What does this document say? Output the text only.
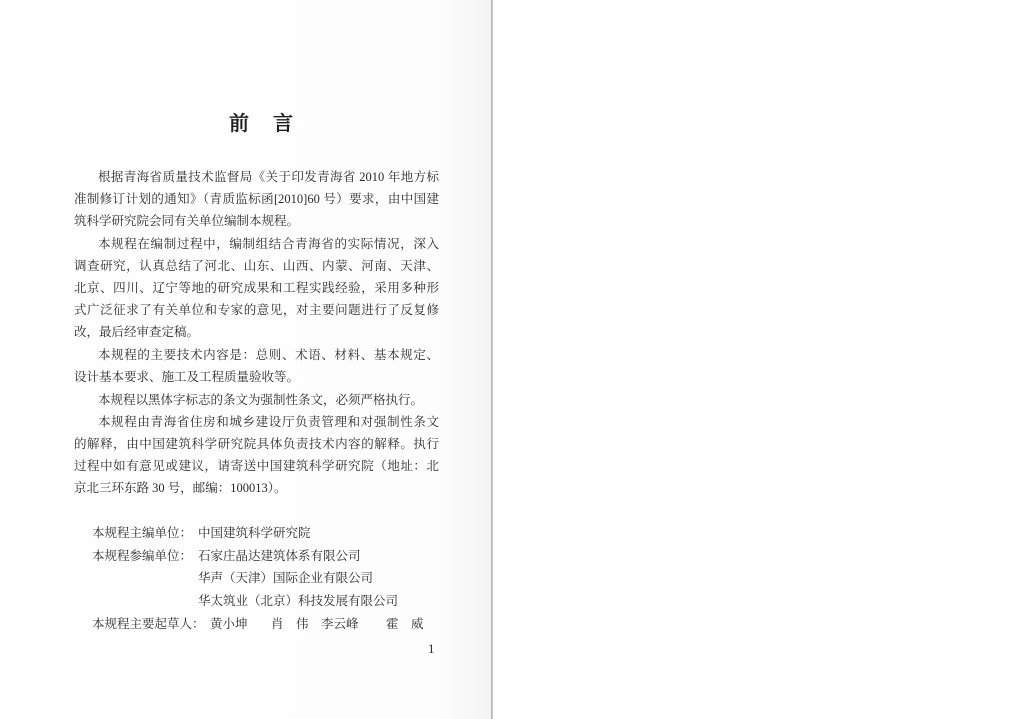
前　言
根据青海省质量技术监督局《关于印发青海省 2010 年地方标
准制修订计划的通知》（青质监标函[2010]60 号）要求，由中国建
筑科学研究院会同有关单位编制本规程。
本规程在编制过程中，编制组结合青海省的实际情况，深入
调查研究，认真总结了河北、山东、山西、内蒙、河南、天津、
北京、四川、辽宁等地的研究成果和工程实践经验，采用多种形
式广泛征求了有关单位和专家的意见，对主要问题进行了反复修
改，最后经审查定稿。
本规程的主要技术内容是：总则、术语、材料、基本规定、
设计基本要求、施工及工程质量验收等。
本规程以黑体字标志的条文为强制性条文，必须严格执行。
本规程由青海省住房和城乡建设厅负责管理和对强制性条文
的解释，由中国建筑科学研究院具体负责技术内容的解释。执行
过程中如有意见或建议，请寄送中国建筑科学研究院（地址：北
京北三环东路 30 号，邮编：100013）。
本规程主编单位： 中国建筑科学研究院
本规程参编单位： 石家庄晶达建筑体系有限公司
华声（天津）国际企业有限公司
华太筑业（北京）科技发展有限公司
本规程主要起草人： 黄小坤 肖　伟 李云峰 霍　威
1
